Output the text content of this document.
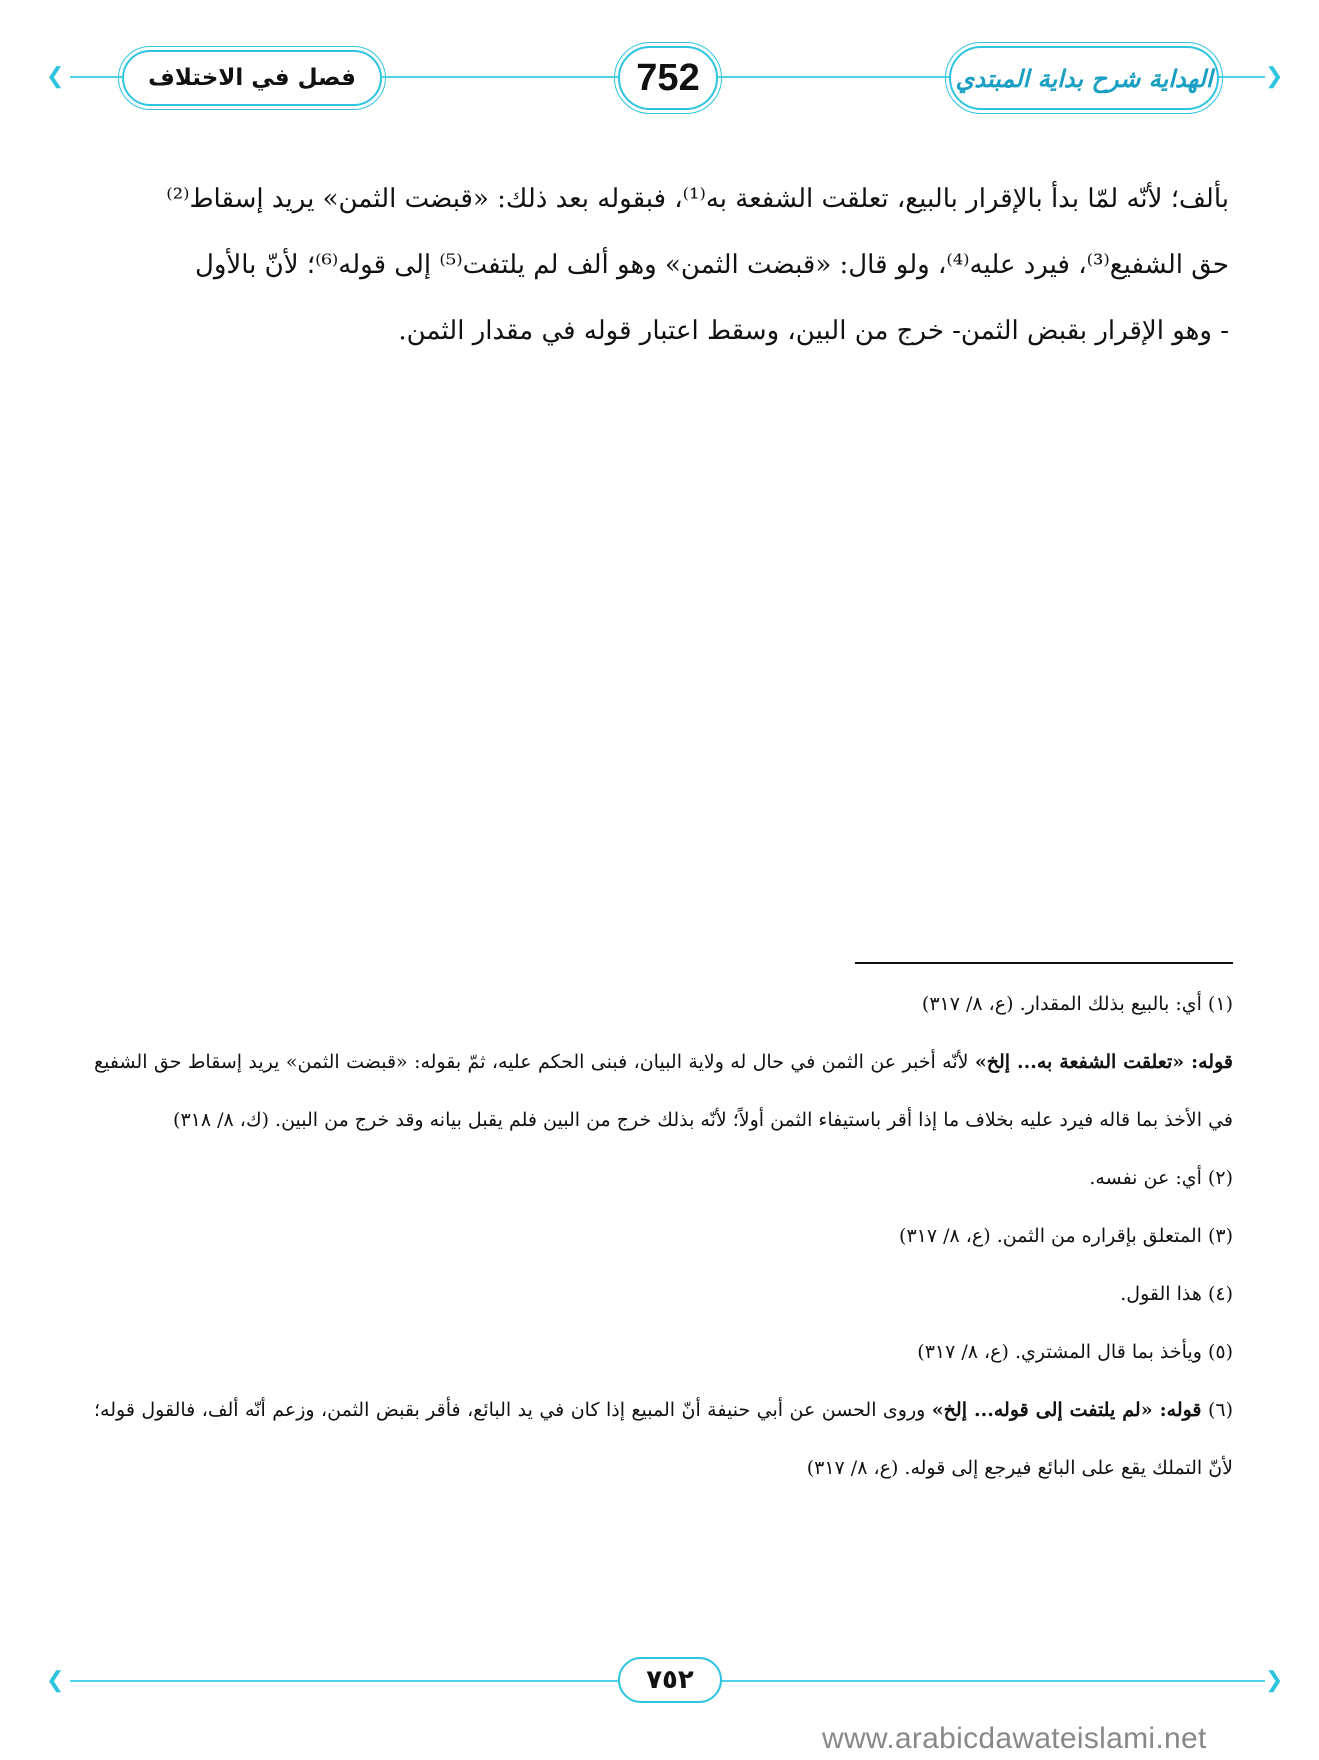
❮	❯
فصل في الاختلاف	752	الهداية شرح بداية المبتدي

بألف؛ لأنّه لمّا بدأ بالإقرار بالبيع، تعلقت الشفعة به⁽¹⁾، فبقوله بعد ذلك: «قبضت الثمن» يريد إسقاط⁽²⁾

حق الشفيع⁽³⁾، فيرد عليه⁽⁴⁾، ولو قال: «قبضت الثمن» وهو ألف لم يلتفت⁽⁵⁾ إلى قوله⁽⁶⁾؛ لأنّ بالأول

- وهو الإقرار بقبض الثمن- خرج من البين، وسقط اعتبار قوله في مقدار الثمن.

(١) أي: بالبيع بذلك المقدار. (ع، ٨/ ٣١٧)

قوله: «تعلقت الشفعة به... إلخ» لأنّه أخبر عن الثمن في حال له ولاية البيان، فبنى الحكم عليه، ثمّ بقوله: «قبضت الثمن» يريد إسقاط حق الشفيع في الأخذ بما قاله فيرد عليه بخلاف ما إذا أقر باستيفاء الثمن أولاً؛ لأنّه بذلك خرج من البين فلم يقبل بيانه وقد خرج من البين. (ك، ٨/ ٣١٨)

(٢) أي: عن نفسه.

(٣) المتعلق بإقراره من الثمن. (ع، ٨/ ٣١٧)

(٤) هذا القول.

(٥) ويأخذ بما قال المشتري. (ع، ٨/ ٣١٧)

(٦) قوله: «لم يلتفت إلى قوله... إلخ» وروى الحسن عن أبي حنيفة أنّ المبيع إذا كان في يد البائع، فأقر بقبض الثمن، وزعم أنّه ألف، فالقول قوله؛ لأنّ التملك يقع على البائع فيرجع إلى قوله. (ع، ٨/ ٣١٧)

❮	❯
٧٥٢
www.arabicdawateislami.net
